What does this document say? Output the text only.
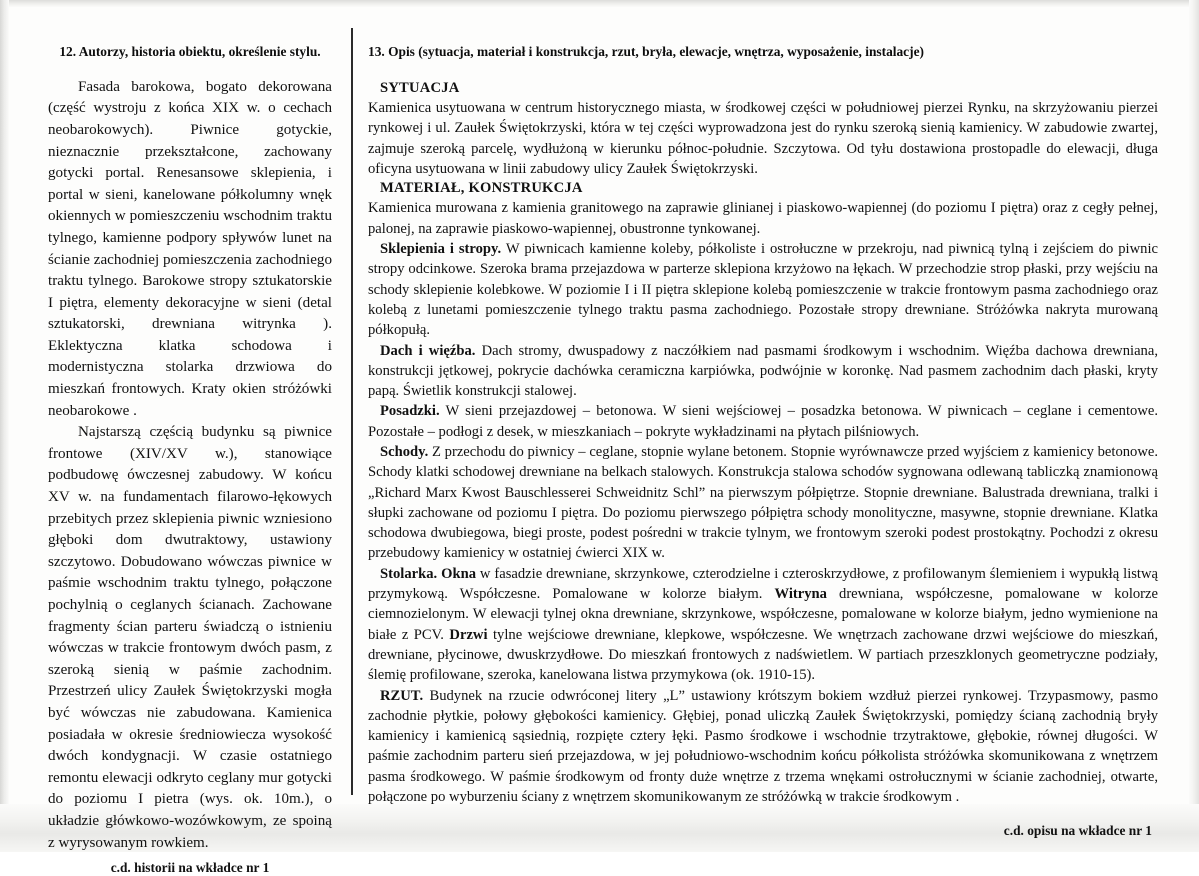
12. Autorzy, historia obiektu, określenie stylu.

Fasada barokowa, bogato dekorowana (część wystroju z końca XIX w. o cechach neobarokowych). Piwnice gotyckie, nieznacznie przekształcone, zachowany gotycki portal. Renesansowe sklepienia, i portal w sieni, kanelowane półkolumny wnęk okiennych w pomieszczeniu wschodnim traktu tylnego, kamienne podpory spływów lunet na ścianie zachodniej pomieszczenia zachodniego traktu tylnego. Barokowe stropy sztukatorskie I piętra, elementy dekoracyjne w sieni (detal sztukatorski, drewniana witrynka ). Eklektyczna klatka schodowa i modernistyczna stolarka drzwiowa do mieszkań frontowych. Kraty okien stróżówki neobarokowe .

Najstarszą częścią budynku są piwnice frontowe (XIV/XV w.), stanowiące podbudowę ówczesnej zabudowy. W końcu XV w. na fundamentach filarowo-łękowych przebitych przez sklepienia piwnic wzniesiono głęboki dom dwutraktowy, ustawiony szczytowo. Dobudowano wówczas piwnice w paśmie wschodnim traktu tylnego, połączone pochylnią o ceglanych ścianach. Zachowane fragmenty ścian parteru świadczą o istnieniu wówczas w trakcie frontowym dwóch pasm, z szeroką sienią w paśmie zachodnim. Przestrzeń ulicy Zaułek Świętokrzyski mogła być wówczas nie zabudowana. Kamienica posiadała w okresie średniowiecza wysokość dwóch kondygnacji. W czasie ostatniego remontu elewacji odkryto ceglany mur gotycki do poziomu I pietra (wys. ok. 10m.), o układzie główkowo-wozówkowym, ze spoiną z wyrysowanym rowkiem.

c.d. historii na wkładce nr 1

13. Opis (sytuacja, materiał i konstrukcja, rzut, bryła, elewacje, wnętrza, wyposażenie, instalacje)
SYTUACJA

Kamienica usytuowana w centrum historycznego miasta, w środkowej części w południowej pierzei Rynku, na skrzyżowaniu pierzei rynkowej i ul. Zaułek Świętokrzyski, która w tej części wyprowadzona jest do rynku szeroką sienią kamienicy. W zabudowie zwartej, zajmuje szeroką parcelę, wydłużoną w kierunku północ-południe. Szczytowa. Od tyłu dostawiona prostopadle do elewacji, długa oficyna usytuowana w linii zabudowy ulicy Zaułek Świętokrzyski.

MATERIAŁ, KONSTRUKCJA

Kamienica murowana z kamienia granitowego na zaprawie glinianej i piaskowo-wapiennej (do poziomu I piętra) oraz z cegły pełnej, palonej, na zaprawie piaskowo-wapiennej, obustronne tynkowanej.

Sklepienia i stropy. W piwnicach kamienne koleby, półkoliste i ostrołuczne w przekroju, nad piwnicą tylną i zejściem do piwnic stropy odcinkowe. Szeroka brama przejazdowa w parterze sklepiona krzyżowo na łękach. W przechodzie strop płaski, przy wejściu na schody sklepienie kolebkowe. W poziomie I i II piętra sklepione kolebą pomieszczenie w trakcie frontowym pasma zachodniego oraz kolebą z lunetami pomieszczenie tylnego traktu pasma zachodniego. Pozostałe stropy drewniane. Stróżówka nakryta murowaną półkopułą.

Dach i więźba. Dach stromy, dwuspadowy z naczółkiem nad pasmami środkowym i wschodnim. Więźba dachowa drewniana, konstrukcji jętkowej, pokrycie dachówka ceramiczna karpiówka, podwójnie w koronkę. Nad pasmem zachodnim dach płaski, kryty papą. Świetlik konstrukcji stalowej.

Posadzki. W sieni przejazdowej – betonowa. W sieni wejściowej – posadzka betonowa. W piwnicach – ceglane i cementowe. Pozostałe – podłogi z desek, w mieszkaniach – pokryte wykładzinami na płytach pilśniowych.

Schody. Z przechodu do piwnicy – ceglane, stopnie wylane betonem. Stopnie wyrównawcze przed wyjściem z kamienicy betonowe. Schody klatki schodowej drewniane na belkach stalowych. Konstrukcja stalowa schodów sygnowana odlewaną tabliczką znamionową „Richard Marx Kwost Bauschlesserei Schweidnitz Schl” na pierwszym półpiętrze. Stopnie drewniane. Balustrada drewniana, tralki i słupki zachowane od poziomu I piętra. Do poziomu pierwszego półpiętra schody monolityczne, masywne, stopnie drewniane. Klatka schodowa dwubiegowa, biegi proste, podest pośredni w trakcie tylnym, we frontowym szeroki podest prostokątny. Pochodzi z okresu przebudowy kamienicy w ostatniej ćwierci XIX w.

Stolarka. Okna w fasadzie drewniane, skrzynkowe, czterodzielne i czteroskrzydłowe, z profilowanym ślemieniem i wypukłą listwą przymykową. Współczesne. Pomalowane w kolorze białym. Witryna drewniana, współczesne, pomalowane w kolorze ciemnozielonym. W elewacji tylnej okna drewniane, skrzynkowe, współczesne, pomalowane w kolorze białym, jedno wymienione na białe z PCV. Drzwi tylne wejściowe drewniane, klepkowe, współczesne. We wnętrzach zachowane drzwi wejściowe do mieszkań, drewniane, płycinowe, dwuskrzydłowe. Do mieszkań frontowych z nadświetlem. W partiach przeszklonych geometryczne podziały, ślemię profilowane, szeroka, kanelowana listwa przymykowa (ok. 1910-15).

RZUT. Budynek na rzucie odwróconej litery „L” ustawiony krótszym bokiem wzdłuż pierzei rynkowej. Trzypasmowy, pasmo zachodnie płytkie, połowy głębokości kamienicy. Głębiej, ponad uliczką Zaułek Świętokrzyski, pomiędzy ścianą zachodnią bryły kamienicy i kamienicą sąsiednią, rozpięte cztery łęki. Pasmo środkowe i wschodnie trzytraktowe, głębokie, równej długości. W paśmie zachodnim parteru sień przejazdowa, w jej południowo-wschodnim końcu półkolista stróżówka skomunikowana z wnętrzem pasma środkowego. W paśmie środkowym od fronty duże wnętrze z trzema wnękami ostrołucznymi w ścianie zachodniej, otwarte, połączone po wyburzeniu ściany z wnętrzem skomunikowanym ze stróżówką w trakcie środkowym .

c.d. opisu na wkładce nr 1
